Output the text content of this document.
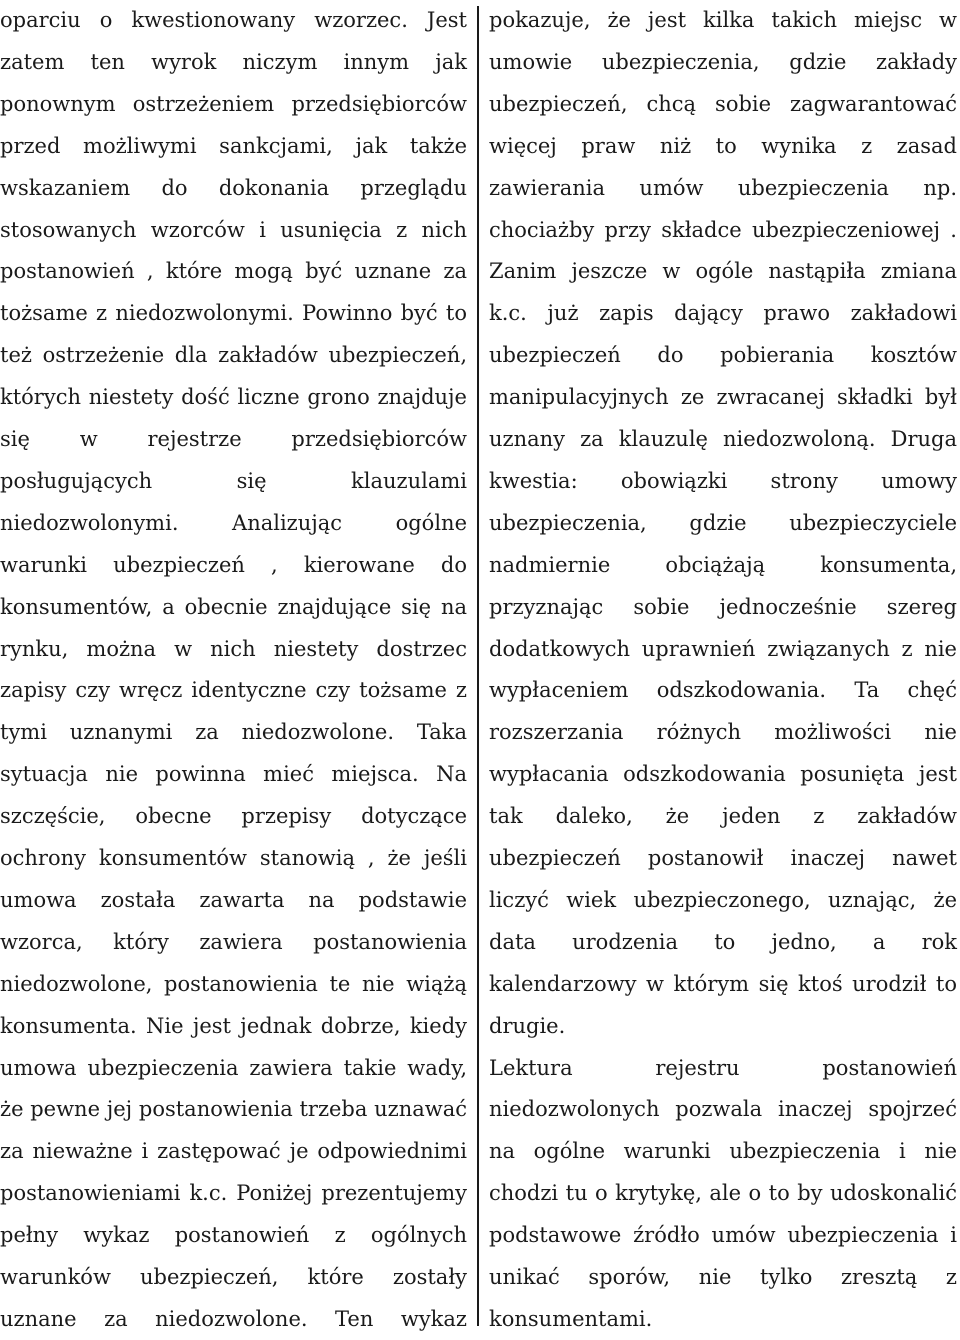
oparciu o kwestionowany wzorzec. Jest
zatem ten wyrok niczym innym jak
ponownym ostrzeżeniem przedsiębiorców
przed możliwymi sankcjami, jak także
wskazaniem do dokonania przeglądu
stosowanych wzorców i usunięcia z nich
postanowień , które mogą być uznane za
tożsame z niedozwolonymi. Powinno być to
też ostrzeżenie dla zakładów ubezpieczeń,
których niestety dość liczne grono znajduje
się w rejestrze przedsiębiorców
posługujących się klauzulami
niedozwolonymi. Analizując ogólne
warunki ubezpieczeń , kierowane do
konsumentów, a obecnie znajdujące się na
rynku, można w nich niestety dostrzec
zapisy czy wręcz identyczne czy tożsame z
tymi uznanymi za niedozwolone. Taka
sytuacja nie powinna mieć miejsca. Na
szczęście, obecne przepisy dotyczące
ochrony konsumentów stanowią , że jeśli
umowa została zawarta na podstawie
wzorca, który zawiera postanowienia
niedozwolone, postanowienia te nie wiążą
konsumenta. Nie jest jednak dobrze, kiedy
umowa ubezpieczenia zawiera takie wady,
że pewne jej postanowienia trzeba uznawać
za nieważne i zastępować je odpowiednimi
postanowieniami k.c. Poniżej prezentujemy
pełny wykaz postanowień z ogólnych
warunków ubezpieczeń, które zostały
uznane za niedozwolone. Ten wykaz
pokazuje, że jest kilka takich miejsc w
umowie ubezpieczenia, gdzie zakłady
ubezpieczeń, chcą sobie zagwarantować
więcej praw niż to wynika z zasad
zawierania umów ubezpieczenia np.
chociażby przy składce ubezpieczeniowej .
Zanim jeszcze w ogóle nastąpiła zmiana
k.c. już zapis dający prawo zakładowi
ubezpieczeń do pobierania kosztów
manipulacyjnych ze zwracanej składki był
uznany za klauzulę niedozwoloną. Druga
kwestia: obowiązki strony umowy
ubezpieczenia, gdzie ubezpieczyciele
nadmiernie obciążają konsumenta,
przyznając sobie jednocześnie szereg
dodatkowych uprawnień związanych z nie
wypłaceniem odszkodowania. Ta chęć
rozszerzania różnych możliwości nie
wypłacania odszkodowania posunięta jest
tak daleko, że jeden z zakładów
ubezpieczeń postanowił inaczej nawet
liczyć wiek ubezpieczonego, uznając, że
data urodzenia to jedno, a rok
kalendarzowy w którym się ktoś urodził to
drugie.
Lektura rejestru postanowień
niedozwolonych pozwala inaczej spojrzeć
na ogólne warunki ubezpieczenia i nie
chodzi tu o krytykę, ale o to by udoskonalić
podstawowe źródło umów ubezpieczenia i
unikać sporów, nie tylko zresztą z
konsumentami.
